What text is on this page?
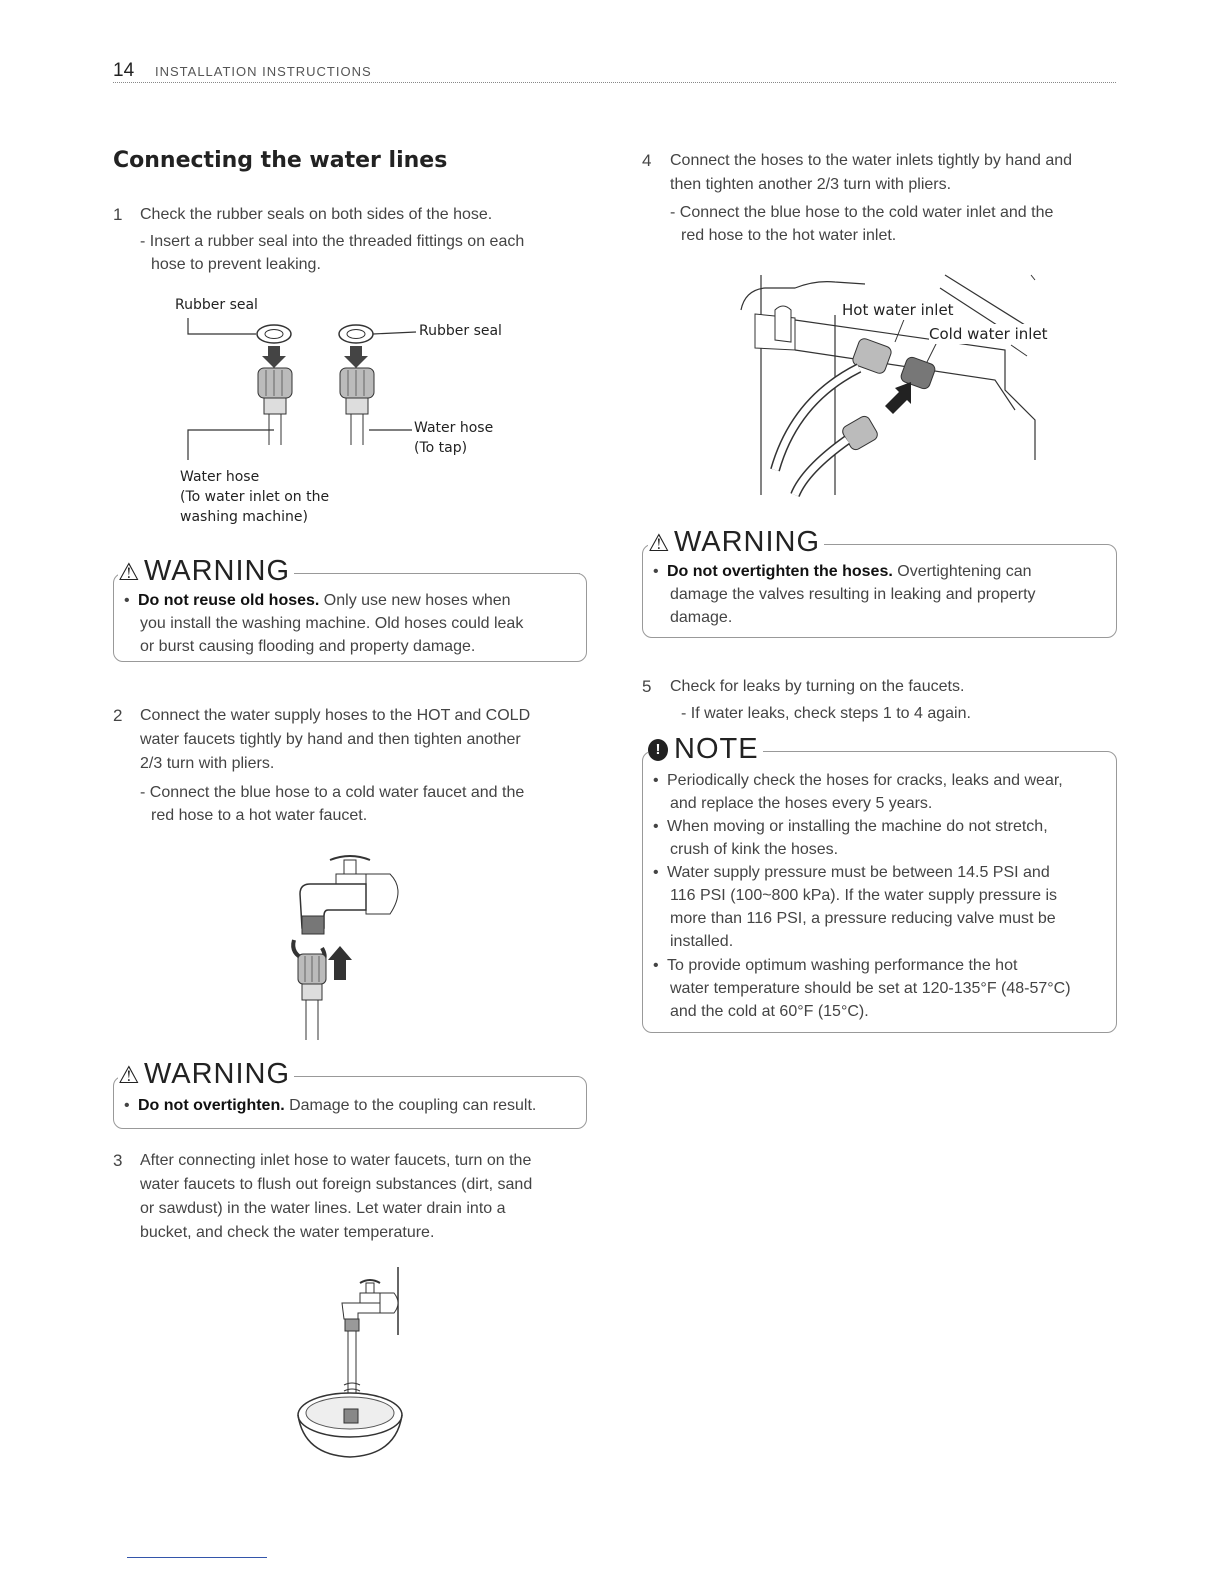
14 INSTALLATION INSTRUCTIONS
Connecting the water lines
1 Check the rubber seals on both sides of the hose.
- Insert a rubber seal into the threaded fittings on each
hose to prevent leaking.
Rubber seal
Rubber seal
Water hose
(To tap)
Water hose
(To water inlet on the
washing machine)
⚠ WARNING
• Do not reuse old hoses. Only use new hoses when
you install the washing machine. Old hoses could leak
or burst causing flooding and property damage.
2 Connect the water supply hoses to the HOT and COLD
water faucets tightly by hand and then tighten another
2/3 turn with pliers.
- Connect the blue hose to a cold water faucet and the
red hose to a hot water faucet.
⚠ WARNING
• Do not overtighten. Damage to the coupling can result.
3 After connecting inlet hose to water faucets, turn on the
water faucets to flush out foreign substances (dirt, sand
or sawdust) in the water lines. Let water drain into a
bucket, and check the water temperature.
4 Connect the hoses to the water inlets tightly by hand and
then tighten another 2/3 turn with pliers.
- Connect the blue hose to the cold water inlet and the
red hose to the hot water inlet.
Hot water inlet
Cold water inlet
⚠ WARNING
• Do not overtighten the hoses. Overtightening can
damage the valves resulting in leaking and property
damage.
5 Check for leaks by turning on the faucets.
- If water leaks, check steps 1 to 4 again.
! NOTE
• Periodically check the hoses for cracks, leaks and wear,
and replace the hoses every 5 years.
• When moving or installing the machine do not stretch,
crush of kink the hoses.
• Water supply pressure must be between 14.5 PSI and
116 PSI (100~800 kPa). If the water supply pressure is
more than 116 PSI, a pressure reducing valve must be
installed.
• To provide optimum washing performance the hot
water temperature should be set at 120-135°F (48-57°C)
and the cold at 60°F (15°C).
